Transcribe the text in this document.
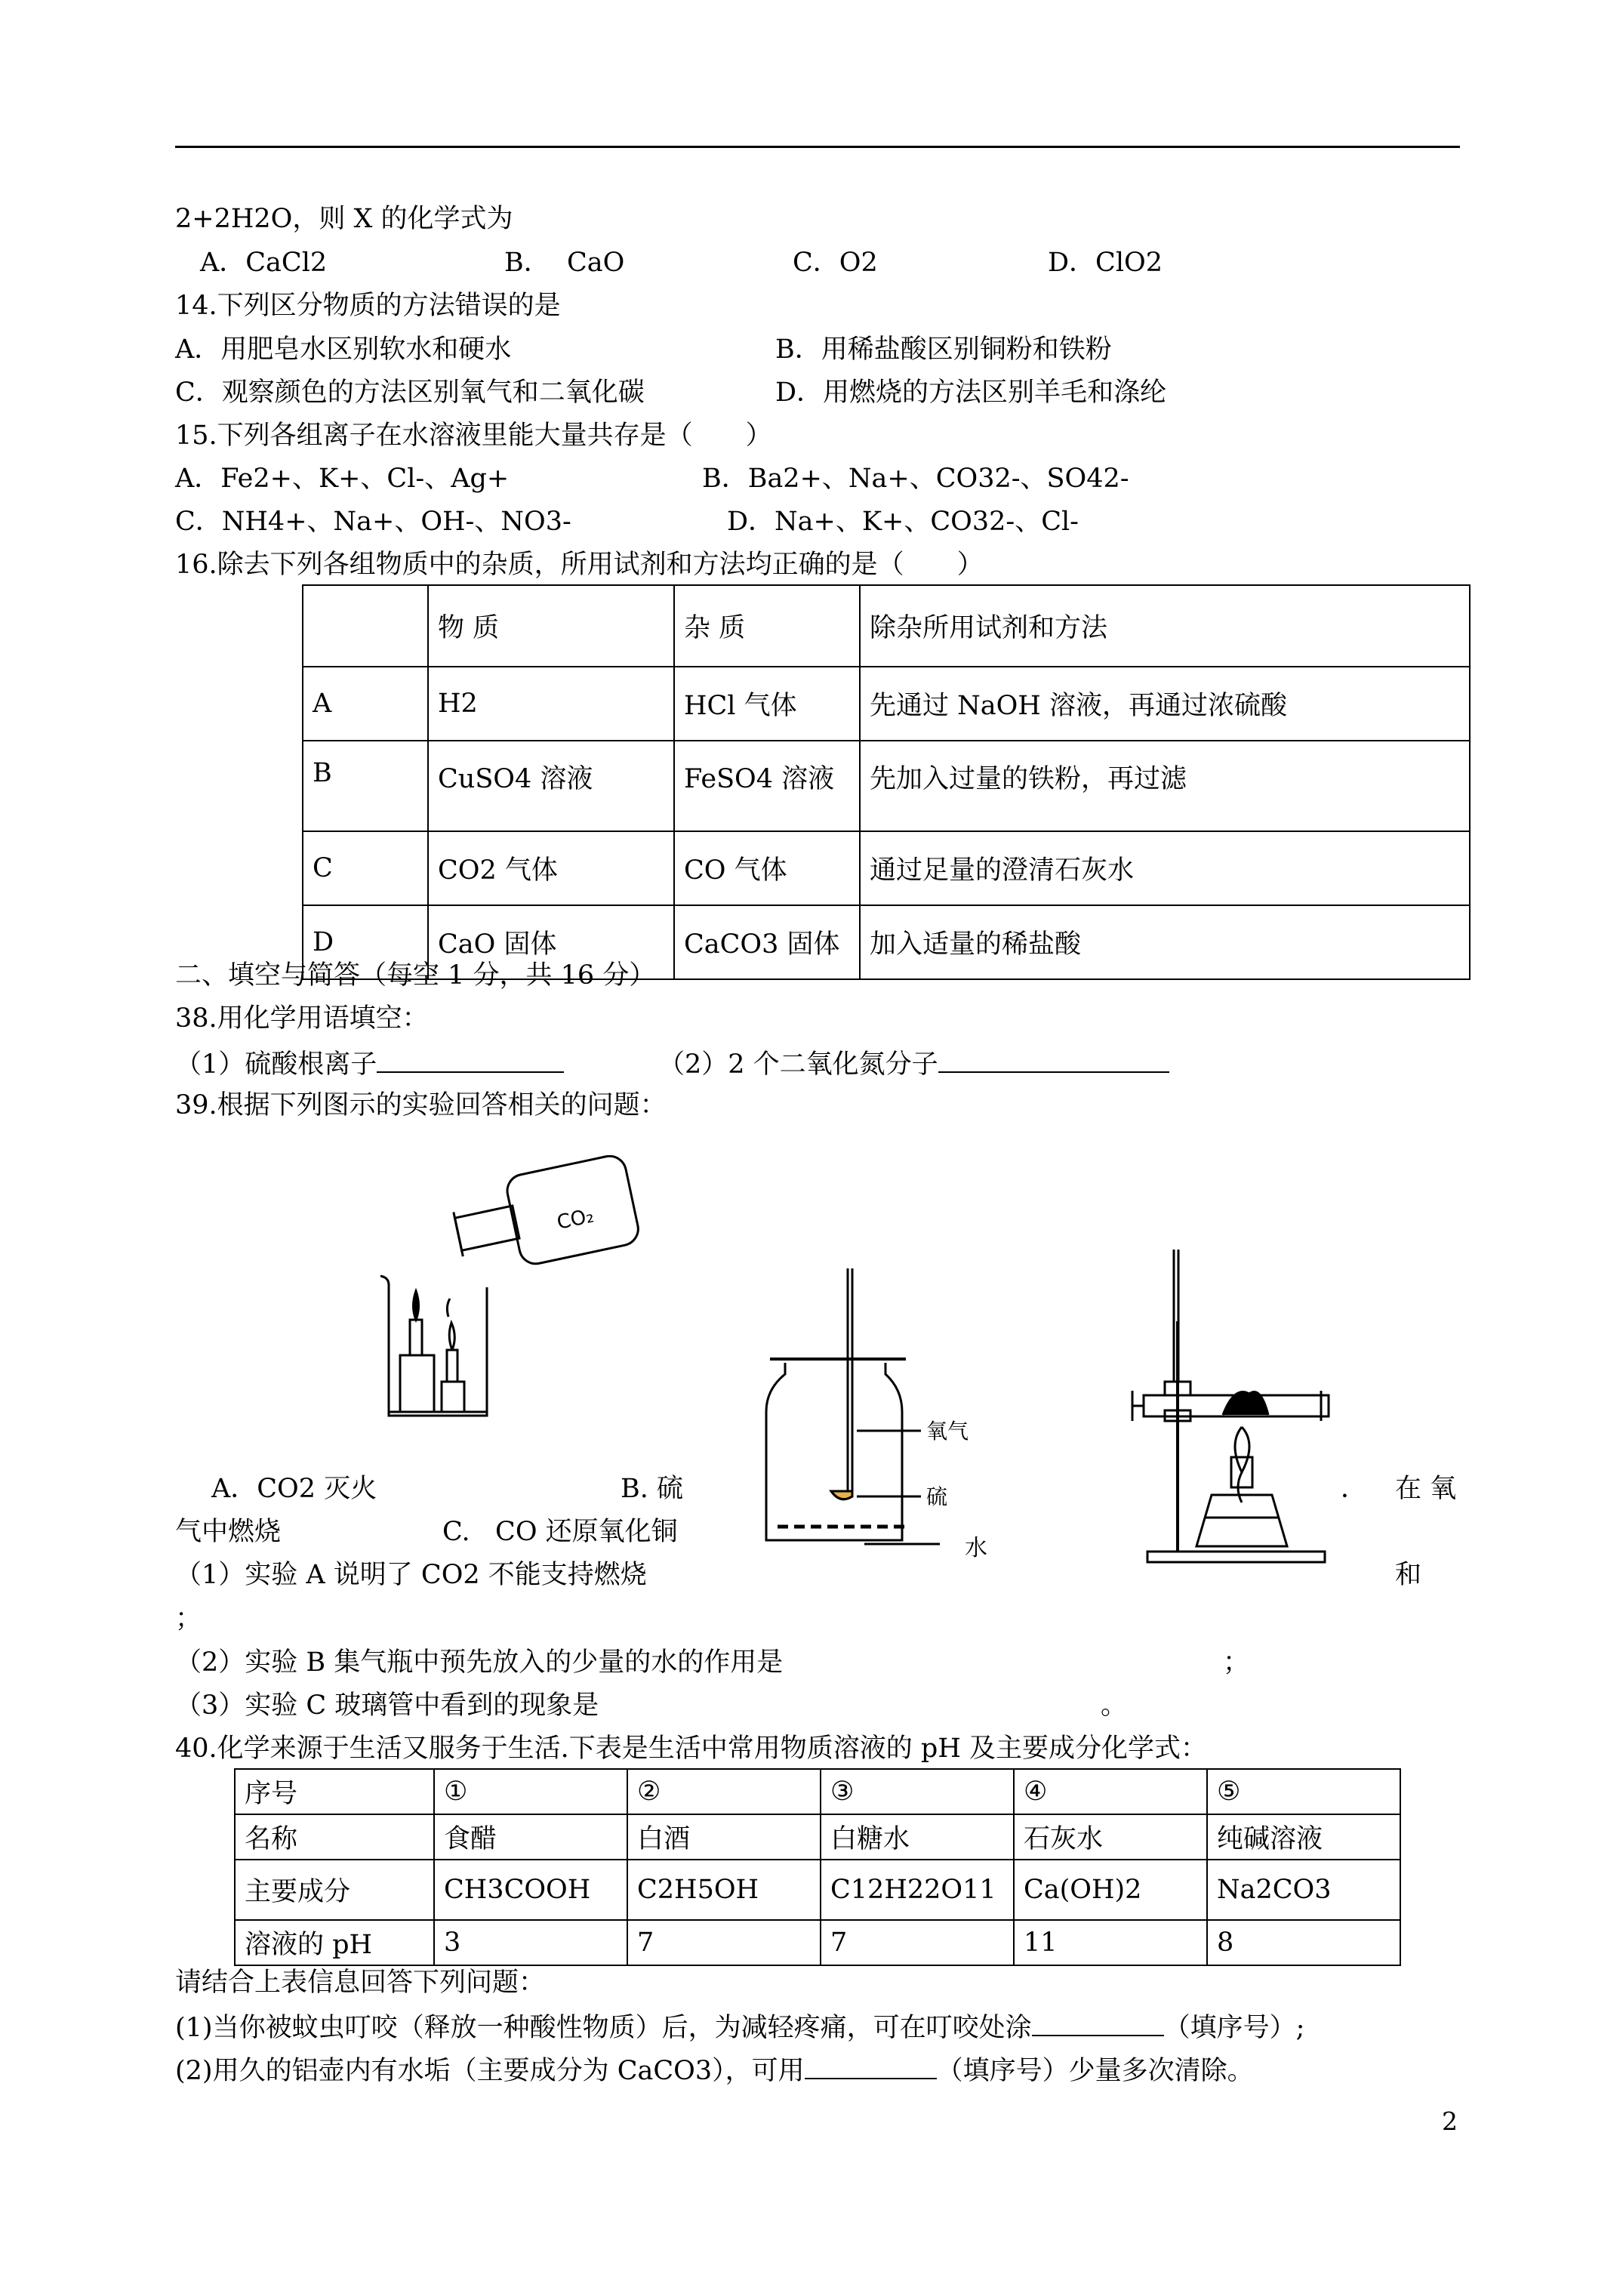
2+2H2O，则 X 的化学式为
A．CaCl2	B．  CaO	C．O2	D．ClO2
14.下列区分物质的方法错误的是
A．用肥皂水区别软水和硬水	B．用稀盐酸区别铜粉和铁粉
C．观察颜色的方法区别氧气和二氧化碳	D．用燃烧的方法区别羊毛和涤纶
15.下列各组离子在水溶液里能大量共存是（　　）
A．Fe2+、K+、Cl-、Ag+	B．Ba2+、Na+、CO32-、SO42-
C．NH4+、Na+、OH-、NO3-	D．Na+、K+、CO32-、Cl-
16.除去下列各组物质中的杂质，所用试剂和方法均正确的是（　　）
	物 质	杂 质	除杂所用试剂和方法
A	H2	HCl 气体	先通过 NaOH 溶液，再通过浓硫酸
B	CuSO4 溶液	FeSO4 溶液	先加入过量的铁粉，再过滤
C	CO2 气体	CO 气体	通过足量的澄清石灰水
D	CaO 固体	CaCO3 固体	加入适量的稀盐酸
二、填空与简答（每空 1 分，共 16 分）
38.用化学用语填空：
（1）硫酸根离子	（2）2 个二氧化氮分子
39.根据下列图示的实验回答相关的问题：
CO₂
氧气
硫
水
A．CO2 灭火	B. 硫	． 在 氧
气中燃烧	C.   CO 还原氧化铜
（1）实验 A 说明了 CO2 不能支持燃烧	和
；
（2）实验 B 集气瓶中预先放入的少量的水的作用是	；
（3）实验 C 玻璃管中看到的现象是	。
40.化学来源于生活又服务于生活.下表是生活中常用物质溶液的 pH 及主要成分化学式：
序号	①	②	③	④	⑤
名称	食醋	白酒	白糖水	石灰水	纯碱溶液
主要成分	CH3COOH	C2H5OH	C12H22O11	Ca(OH)2	Na2CO3
溶液的 pH	3	7	7	11	8
请结合上表信息回答下列问题：
(1)当你被蚊虫叮咬（释放一种酸性物质）后，为减轻疼痛，可在叮咬处涂	（填序号）;
(2)用久的铝壶内有水垢（主要成分为 CaCO3），可用	（填序号）少量多次清除。
2
